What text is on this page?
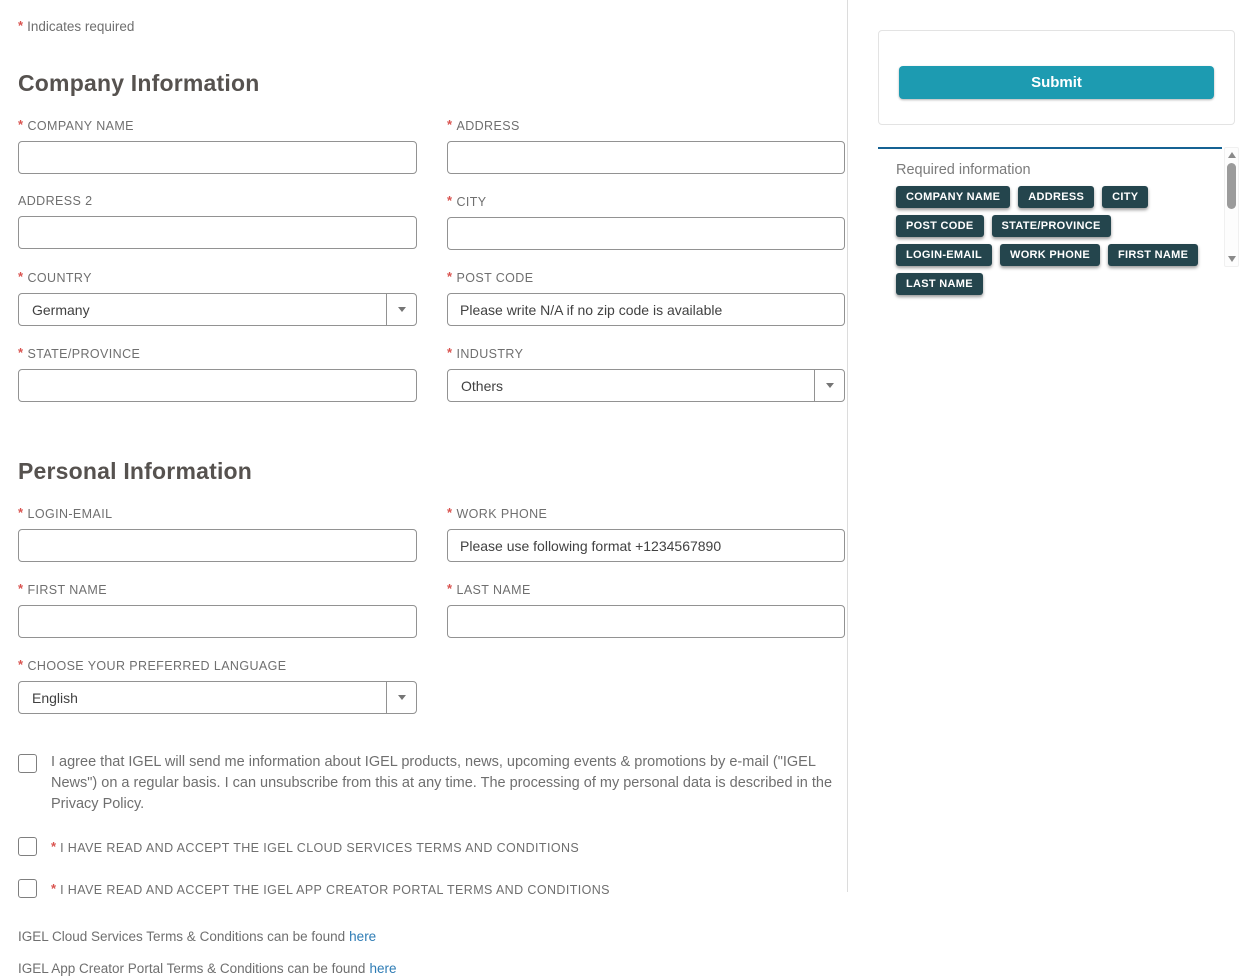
* Indicates required
Company Information
* COMPANY NAME	* ADDRESS
ADDRESS 2	* CITY
* COUNTRY
Germany
* POST CODE
Please write N/A if no zip code is available
* STATE/PROVINCE	* INDUSTRY
Others
Personal Information
* LOGIN-EMAIL	* WORK PHONE
Please use following format +1234567890
* FIRST NAME	* LAST NAME
* CHOOSE YOUR PREFERRED LANGUAGE
English
I agree that IGEL will send me information about IGEL products, news, upcoming events & promotions by e-mail ("IGEL News") on a regular basis. I can unsubscribe from this at any time. The processing of my personal data is described in the Privacy Policy.
* I HAVE READ AND ACCEPT THE IGEL CLOUD SERVICES TERMS AND CONDITIONS
* I HAVE READ AND ACCEPT THE IGEL APP CREATOR PORTAL TERMS AND CONDITIONS

IGEL Cloud Services Terms & Conditions can be found here

IGEL App Creator Portal Terms & Conditions can be found here

Submit
Required information
COMPANY NAME	ADDRESS	CITY
POST CODE	STATE/PROVINCE
LOGIN-EMAIL	WORK PHONE	FIRST NAME
LAST NAME
